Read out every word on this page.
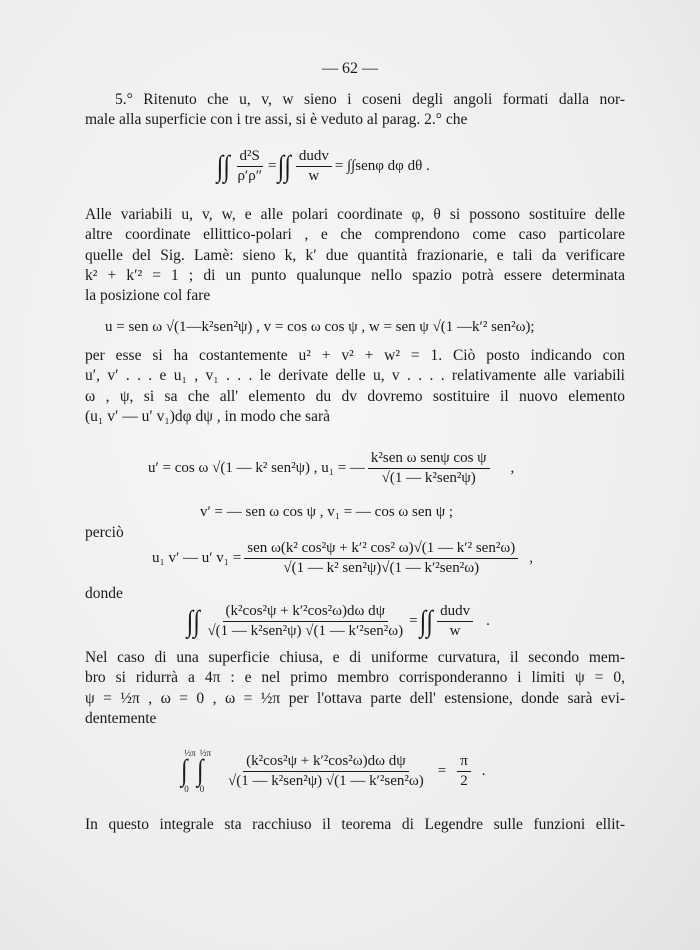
— 62 —
5.° Ritenuto che u, v, w sieno i coseni degli angoli formati dalla nor-
male alla superficie con i tre assi, si è veduto al parag. 2.° che
∫∫ $\frac{\text{d²S}}{\rho'\rho''}$ = ∫∫ $\frac{\text{dudv}}{w} = \int\int sen\varphi$ dφ dθ .
Alle variabili u, v, w, e alle polari coordinate φ, θ si possono sostituire delle
altre coordinate ellittico-polari , e che comprendono come caso particolare
quelle del Sig. Lamè: sieno k, k′ due quantità frazionarie, e tali da verificare
k² + k′² = 1 ; di un punto qualunque nello spazio potrà essere determinata
la posizione col fare
u = sen ω √(1—k²sen²ψ) , v = cos ω cos ψ , w = sen ψ √(1 —k′² sen²ω);
per esse si ha costantemente u² + v² + w² = 1. Ciò posto indicando con
u′, v′ . . . e u₁ , v₁ . . . le derivate delle u, v . . . . relativamente alle variabili
ω , ψ, si sa che all' elemento du dv dovremo sostituire il nuovo elemento
(u₁ v′ — u′ v₁)dφ dψ , in modo che sarà
u′ = cos ω √(1 — k² sen²ψ) , u₁ = — $\frac{\text{k²sen ω senψ cos ψ}}{\text{√(1 — k²sen²ψ)}}$ ,
v′ = — sen ω cos ψ , v₁ = — cos ω sen ψ ;
perciò
u₁ v′ — u′ $v_1 = \frac{\text{sen ω(k² cos²ψ + k′² cos² ω)√(1 — k′² sen²ω)}}{\text{√(1 — k² sen²ψ)√(1 — k′²sen²ω)}}$ ,
donde
∫∫ $\frac{\text{(k²cos²ψ + k′²cos²ω)dω dψ}}{\text{√(1 — k²sen²ψ) √(1 — k′²sen²ω)}}$ = ∫∫ $\frac{\text{dudv}}{w}$ .
Nel caso di una superficie chiusa, e di uniforme curvatura, il secondo mem-
bro si ridurrà a 4π : e nel primo membro corrisponderanno i limiti ψ = 0,
ψ = ½π , ω = 0 , ω = ½π per l'ottava parte dell' estensione, donde sarà evi-
dentemente
∫
½π
0
∫
½π
0	$\frac{\text{(k²cos²ψ + k′²cos²ω)dω dψ}}{\text{√(1 — k²sen²ψ) √(1 — k′²sen²ω)}} = \frac{\pi}{2}$ .
In questo integrale sta racchiuso il teorema di Legendre sulle funzioni ellit-
